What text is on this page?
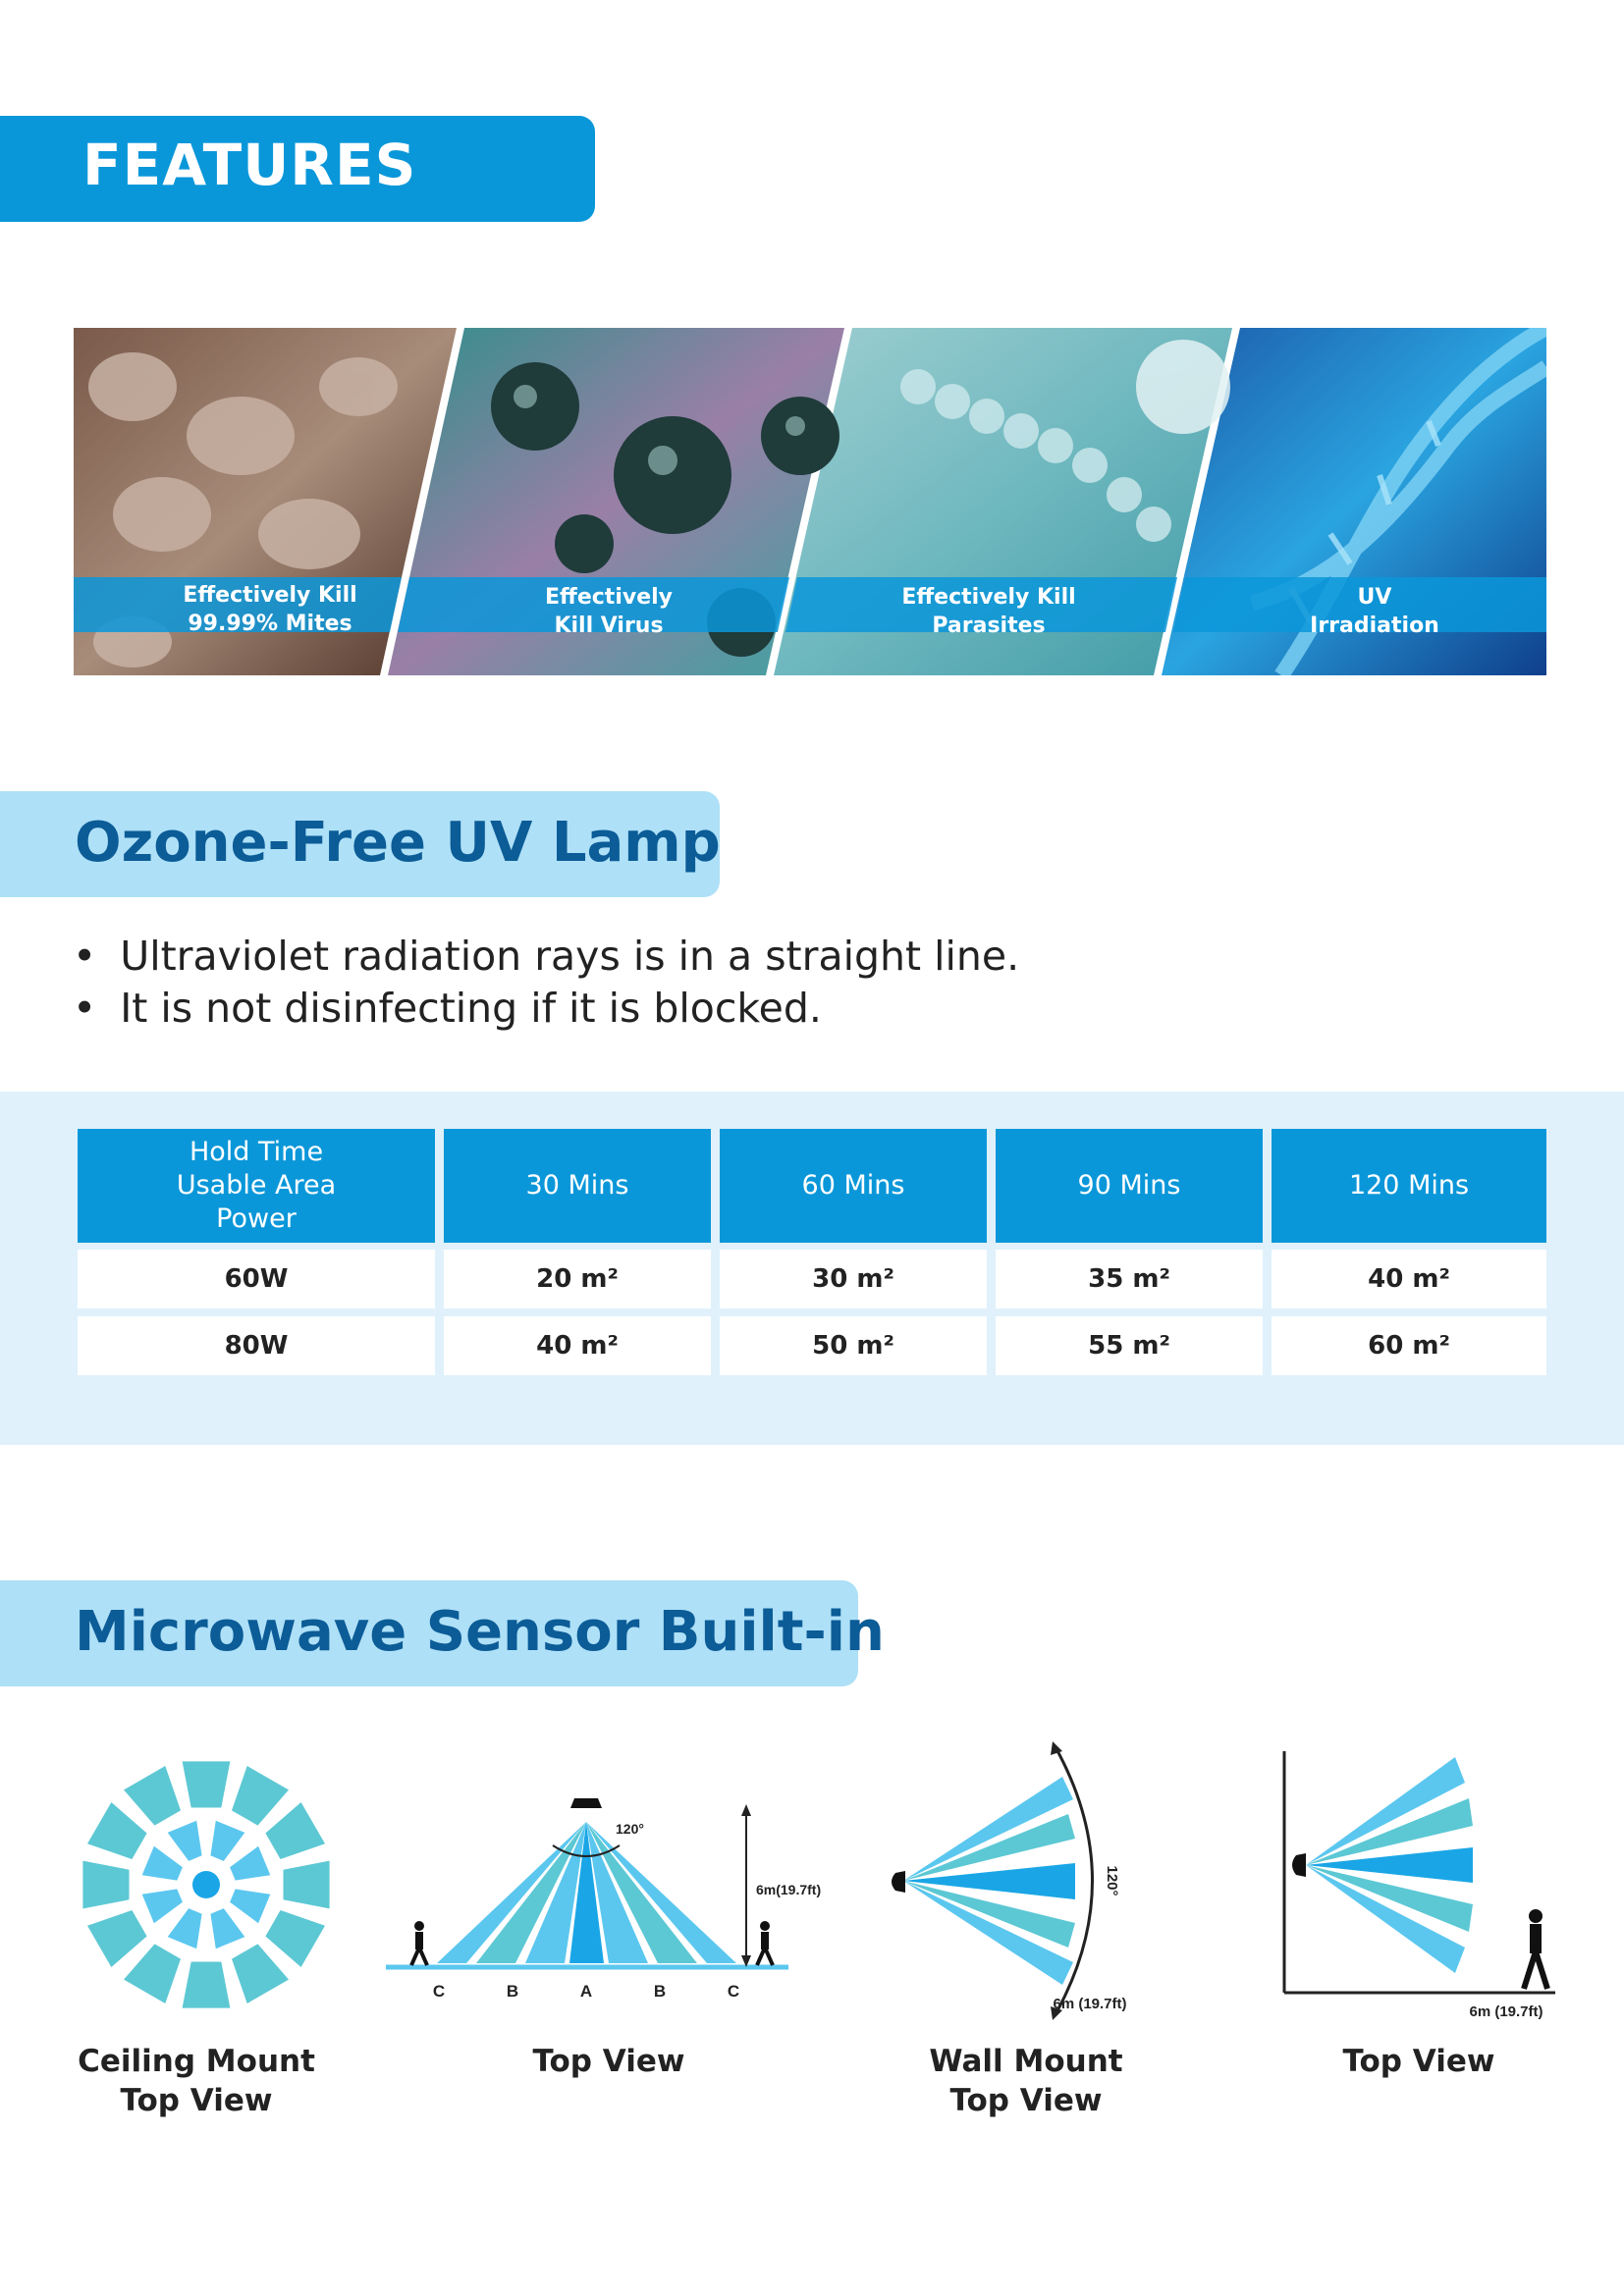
FEATURES
Effectively Kill
99.99% Mites
Effectively
Kill Virus
Effectively Kill
Parasites
UV
Irradiation
Ozone-Free UV Lamp
• Ultraviolet radiation rays is in a straight line.
• It is not disinfecting if it is blocked.
Hold Time
Usable Area
Power
30 Mins	60 Mins	90 Mins	120 Mins
60W	20 m²	30 m²	35 m²	40 m²
80W	40 m²	50 m²	55 m²	60 m²
Microwave Sensor Built-in
120°
6m(19.7ft)
C	B	A	B	C
120°
6m (19.7ft)	6m (19.7ft)
Ceiling Mount
Top View
Top View	Wall Mount
Top View
Top View
